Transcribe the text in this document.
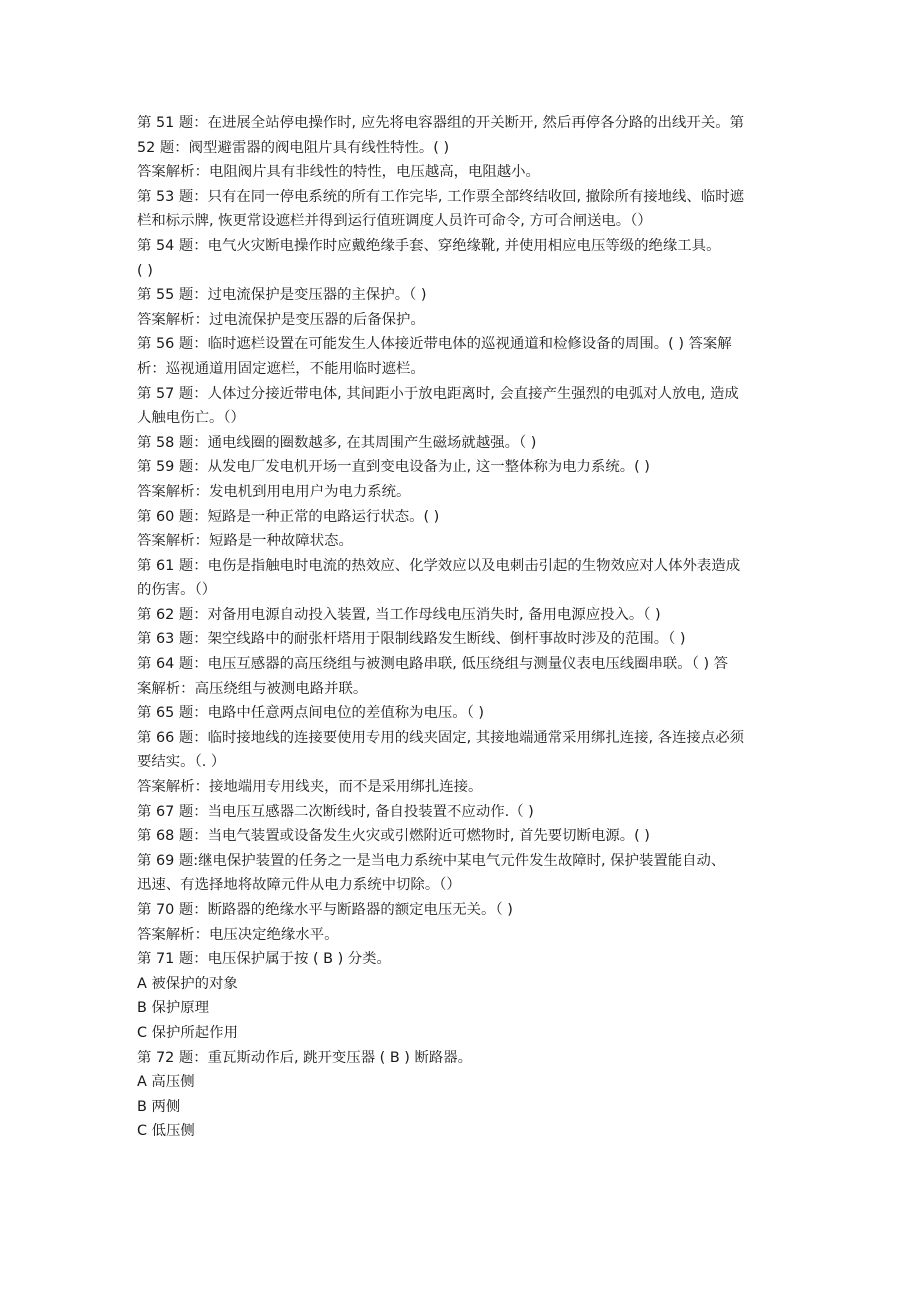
第 51 题：在进展全站停电操作时, 应先将电容器组的开关断开, 然后再停各分路的出线开关。第
52 题：阀型避雷器的阀电阻片具有线性特性。( )
答案解析：电阻阀片具有非线性的特性，电压越高，电阻越小。
第 53 题：只有在同一停电系统的所有工作完毕, 工作票全部终结收回, 撤除所有接地线、临时遮
栏和标示牌, 恢更常设遮栏并得到运行值班调度人员许可命令, 方可合闸送电。（）
第 54 题：电气火灾断电操作时应戴绝缘手套、穿绝缘靴, 并使用相应电压等级的绝缘工具。
( )
第 55 题：过电流保护是变压器的主保护。（ )
答案解析：过电流保护是变压器的后备保护。
第 56 题：临时遮栏设置在可能发生人体接近带电体的巡视通道和检修设备的周围。( ) 答案解
析：巡视通道用固定遮栏，不能用临时遮栏。
第 57 题：人体过分接近带电体, 其间距小于放电距离时, 会直接产生强烈的电弧对人放电, 造成
人触电伤亡。（）
第 58 题：通电线圈的圈数越多, 在其周围产生磁场就越强。（ )
第 59 题：从发电厂发电机开场一直到变电设备为止, 这一整体称为电力系统。( )
答案解析：发电机到用电用户为电力系统。
第 60 题：短路是一种正常的电路运行状态。( )
答案解析：短路是一种故障状态。
第 61 题：电伤是指触电时电流的热效应、化学效应以及电刺击引起的生物效应对人体外表造成
的伤害。（）
第 62 题：对备用电源自动投入装置, 当工作母线电压消失时, 备用电源应投入。（ )
第 63 题：架空线路中的耐张杆塔用于限制线路发生断线、倒杆事故时涉及的范围。（ )
第 64 题：电压互感器的高压绕组与被测电路串联, 低压绕组与测量仪表电压线圈串联。（ ) 答
案解析：高压绕组与被测电路并联。
第 65 题：电路中任意两点间电位的差值称为电压。（ )
第 66 题：临时接地线的连接要使用专用的线夹固定, 其接地端通常采用绑扎连接, 各连接点必须
要结实。（. ）
答案解析：接地端用专用线夹，而不是采用绑扎连接。
第 67 题：当电压互感器二次断线时, 备自投装置不应动作.（ )
第 68 题：当电气装置或设备发生火灾或引燃附近可燃物时, 首先要切断电源。( )
第 69 题:继电保护装置的任务之一是当电力系统中某电气元件发生故障时, 保护装置能自动、
迅速、有选择地将故障元件从电力系统中切除。（）
第 70 题：断路器的绝缘水平与断路器的额定电压无关。（ )
答案解析：电压决定绝缘水平。
第 71 题：电压保护属于按 ( B ) 分类。
A 被保护的对象
B 保护原理
C 保护所起作用
第 72 题：重瓦斯动作后, 跳开变压器 ( B ) 断路器。
A 高压侧
B 两侧
C 低压侧
